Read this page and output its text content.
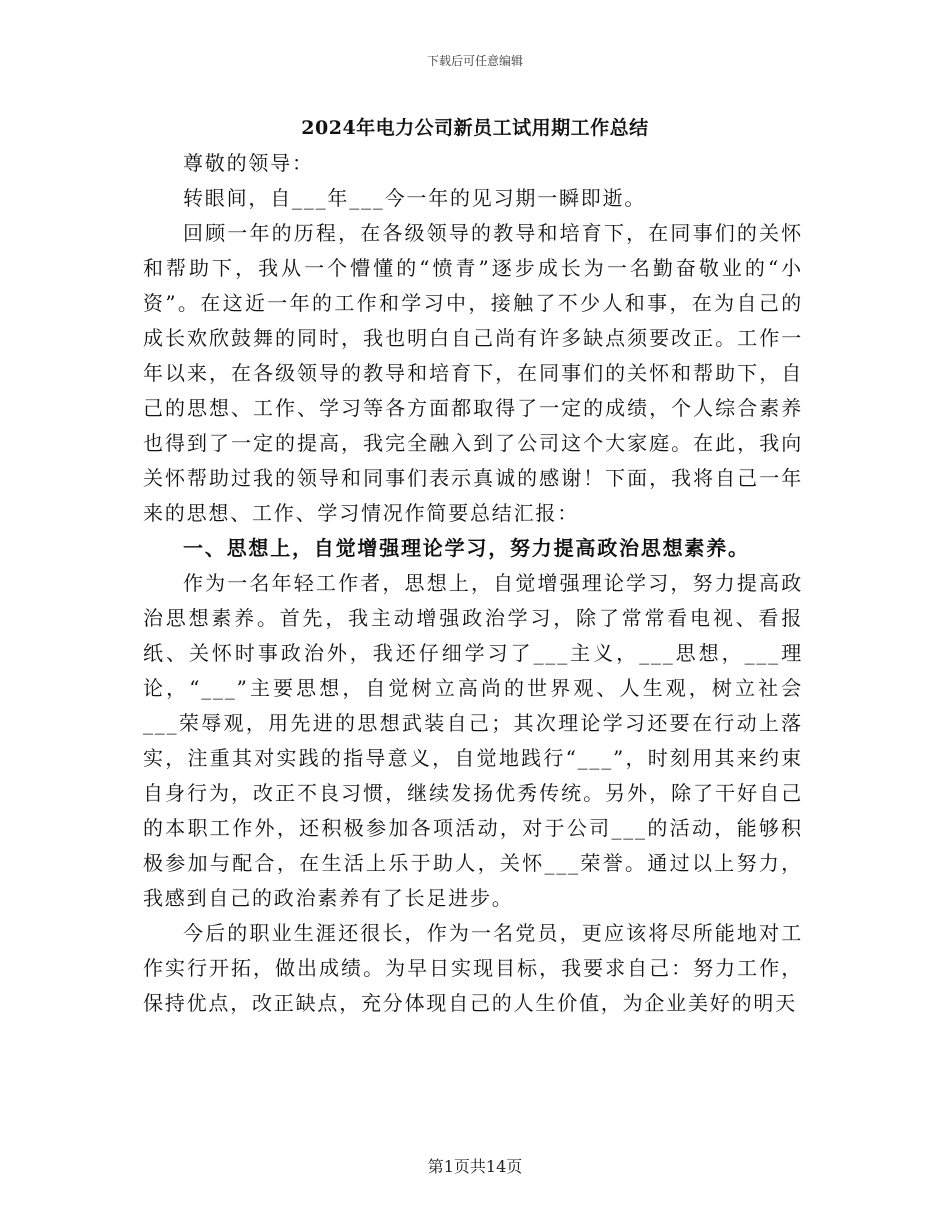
下载后可任意编辑
2024年电力公司新员工试用期工作总结

尊敬的领导：

转眼间，自___年___今一年的见习期一瞬即逝。

回顾一年的历程，在各级领导的教导和培育下，在同事们的关怀和帮助下，我从一个懵懂的“愤青”逐步成长为一名勤奋敬业的“小资”。在这近一年的工作和学习中，接触了不少人和事，在为自己的成长欢欣鼓舞的同时，我也明白自己尚有许多缺点须要改正。工作一年以来，在各级领导的教导和培育下，在同事们的关怀和帮助下，自己的思想、工作、学习等各方面都取得了一定的成绩，个人综合素养也得到了一定的提高，我完全融入到了公司这个大家庭。在此，我向关怀帮助过我的领导和同事们表示真诚的感谢！下面，我将自己一年来的思想、工作、学习情况作简要总结汇报：

一、思想上，自觉增强理论学习，努力提高政治思想素养。

作为一名年轻工作者，思想上，自觉增强理论学习，努力提高政治思想素养。首先，我主动增强政治学习，除了常常看电视、看报纸、关怀时事政治外，我还仔细学习了___主义，___思想，___理论，“___”主要思想，自觉树立高尚的世界观、人生观，树立社会___荣辱观，用先进的思想武装自己；其次理论学习还要在行动上落实，注重其对实践的指导意义，自觉地践行“___”，时刻用其来约束自身行为，改正不良习惯，继续发扬优秀传统。另外，除了干好自己的本职工作外，还积极参加各项活动，对于公司___的活动，能够积极参加与配合，在生活上乐于助人，关怀___荣誉。通过以上努力，我感到自己的政治素养有了长足进步。

今后的职业生涯还很长，作为一名党员，更应该将尽所能地对工作实行开拓，做出成绩。为早日实现目标，我要求自己：努力工作，保持优点，改正缺点，充分体现自己的人生价值，为企业美好的明天

第1页共14页
